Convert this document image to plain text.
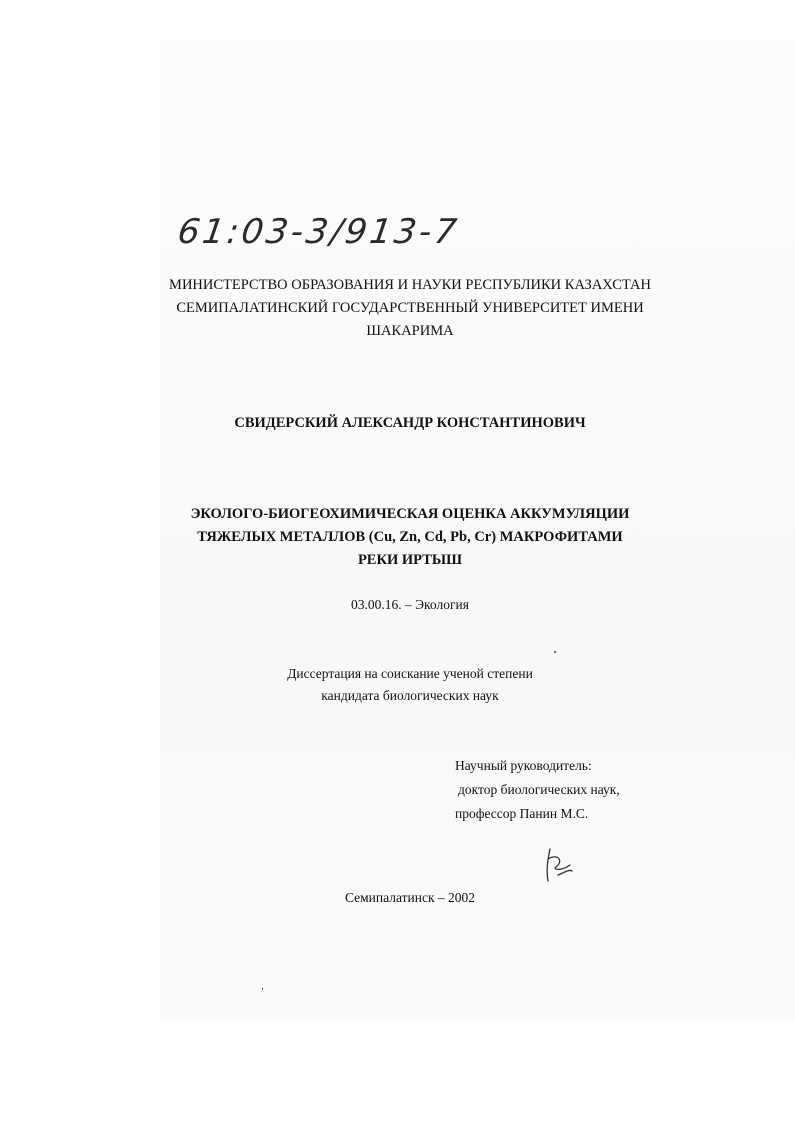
61:03-3/913-7
МИНИСТЕРСТВО ОБРАЗОВАНИЯ И НАУКИ РЕСПУБЛИКИ КАЗАХСТАН
СЕМИПАЛАТИНСКИЙ ГОСУДАРСТВЕННЫЙ УНИВЕРСИТЕТ ИМЕНИ
ШАКАРИМА
СВИДЕРСКИЙ АЛЕКСАНДР КОНСТАНТИНОВИЧ
ЭКОЛОГО-БИОГЕОХИМИЧЕСКАЯ ОЦЕНКА АККУМУЛЯЦИИ
ТЯЖЕЛЫХ МЕТАЛЛОВ (Cu, Zn, Cd, Pb, Cr) МАКРОФИТАМИ
РЕКИ ИРТЫШ
03.00.16. – Экология
Диссертация на соискание ученой степени
кандидата биологических наук
Научный руководитель:
доктор биологических наук,
профессор Панин М.С.
Семипалатинск – 2002
